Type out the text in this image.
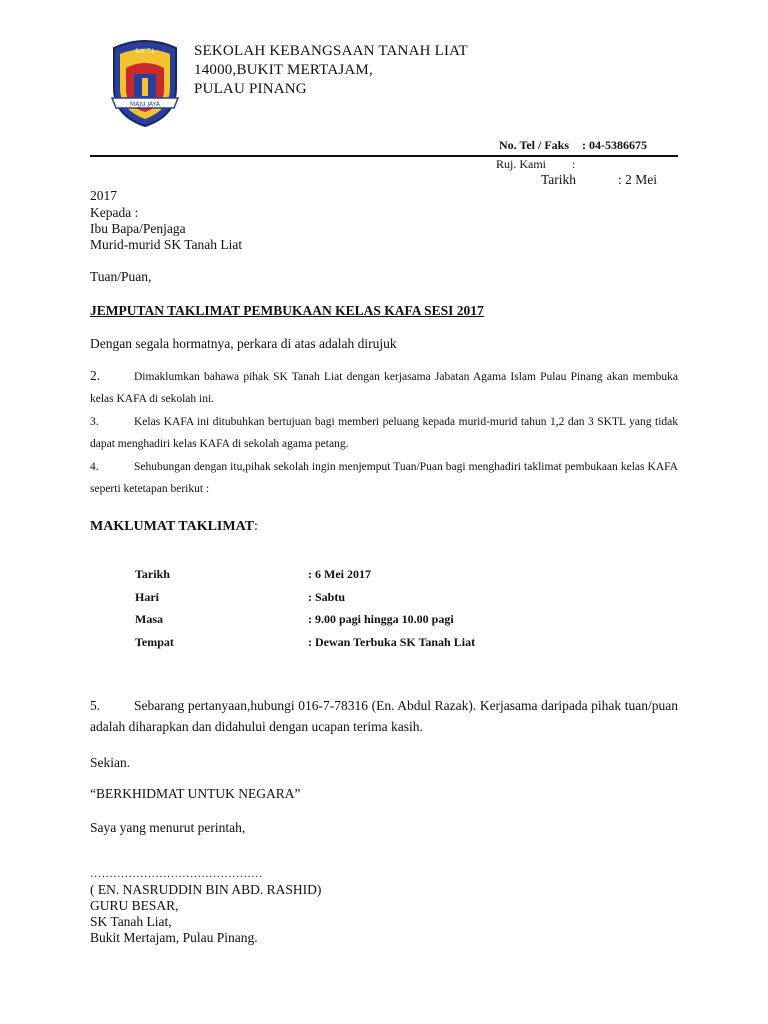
MAJU JAYA
S.K.T.L	SEKOLAH KEBANGSAAN TANAH LIAT
14000,BUKIT MERTAJAM,
PULAU PINANG
No. Tel / Faks : 04-5386675
Ruj. Kami :
Tarikh	: 2 Mei
2017
Kepada :
Ibu Bapa/Penjaga
Murid-murid SK Tanah Liat
Tuan/Puan,
JEMPUTAN TAKLIMAT PEMBUKAAN KELAS KAFA SESI 2017
Dengan segala hormatnya, perkara di atas adalah dirujuk
2.	Dimaklumkan bahawa pihak SK Tanah Liat dengan kerjasama Jabatan Agama Islam Pulau Pinang akan membuka kelas KAFA di sekolah ini.
3.	Kelas KAFA ini ditubuhkan bertujuan bagi memberi peluang kepada murid-murid tahun 1,2 dan 3 SKTL yang tidak dapat menghadiri kelas KAFA di sekolah agama petang.
4.	Sehubungan dengan itu,pihak sekolah ingin menjemput Tuan/Puan bagi menghadiri taklimat pembukaan kelas KAFA seperti ketetapan berikut :
MAKLUMAT TAKLIMAT:
Tarikh	: 6 Mei 2017
Hari	: Sabtu
Masa	: 9.00 pagi hingga 10.00 pagi
Tempat	: Dewan Terbuka SK Tanah Liat
5.	Sebarang pertanyaan,hubungi 016-7-78316 (En. Abdul Razak). Kerjasama daripada pihak tuan/puan adalah diharapkan dan didahului dengan ucapan terima kasih.
Sekian.
“BERKHIDMAT UNTUK NEGARA”
Saya yang menurut perintah,
………………………………………
( EN. NASRUDDIN BIN ABD. RASHID)
GURU BESAR,
SK Tanah Liat,
Bukit Mertajam, Pulau Pinang.
